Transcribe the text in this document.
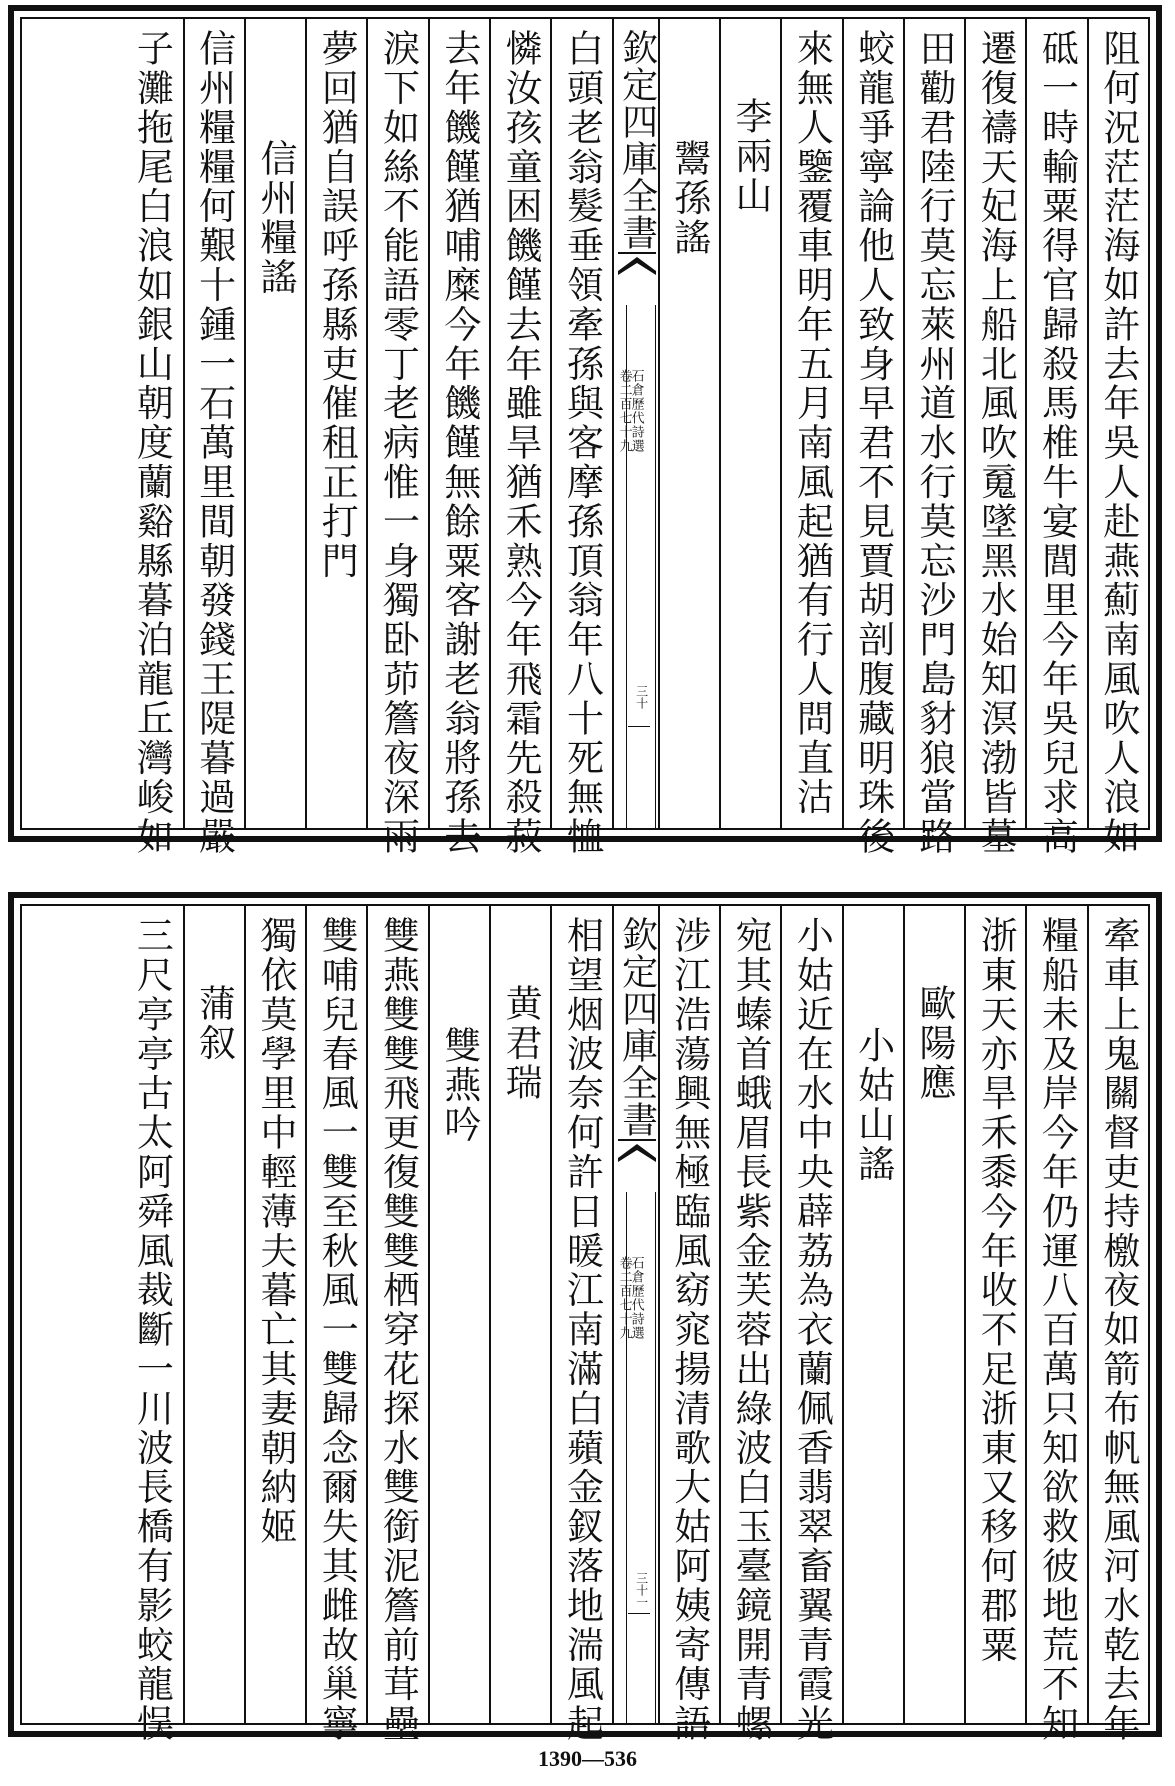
阻何況茫茫海如許去年吳人赴燕薊南風吹人浪如
砥一時輸粟得官歸殺馬椎牛宴閭里今年吳兒求高
遷復禱天妃海上船北風吹䰟墜黑水始知溟渤皆墓
田勸君陸行莫忘萊州道水行莫忘沙門島豺狼當路
蛟龍爭寧論他人致身早君不見賈胡剖腹藏明珠後
來無人鑒覆車明年五月南風起猶有行人問直沽
李兩山
鬻孫謠
白頭老翁髮垂領牽孫與客摩孫頂翁年八十死無恤
憐汝孩童困饑饉去年雖旱猶禾熟今年飛霜先殺菽
去年饑饉猶哺糜今年饑饉無餘粟客謝老翁將孫去
淚下如絲不能語零丁老病惟一身獨卧茆簷夜深雨
夢回猶自誤呼孫縣吏催租正打門
信州糧謠
信州糧糧何艱十鍾一石萬里間朝發錢王隄暮過嚴
子灘拖尾白浪如銀山朝度蘭谿縣暮泊龍丘灣峻如	欽定四庫全書
石倉歷代詩選
卷二百七十九
三十
牽車上鬼關督吏持檄夜如箭布帆無風河水乾去年
糧船未及岸今年仍運八百萬只知欲救彼地荒不知
浙東天亦旱禾黍今年收不足浙東又移何郡粟
歐陽應
小姑山謠
小姑近在水中央薜荔為衣蘭佩香翡翠畜翼青霞光
宛其螓首蛾眉長紫金芙蓉出綠波白玉臺鏡開青螺
涉江浩蕩興無極臨風窈窕揚清歌大姑阿姨寄傳語
相望烟波奈何許日暖江南滿白蘋金釵落地湍風起
黄君瑞
雙燕吟
雙燕雙雙飛更復雙雙栖穿花探水雙銜泥簷前茸壘
雙哺兒春風一雙至秋風一雙歸念爾失其雌故巢寧
獨依莫學里中輕薄夫暮亡其妻朝納姬
蒲叙
三尺亭亭古太阿舜風裁斷一川波長橋有影蛟龍悮	欽定四庫全書
石倉歷代詩選
卷二百七十九
三十一
1390—536
